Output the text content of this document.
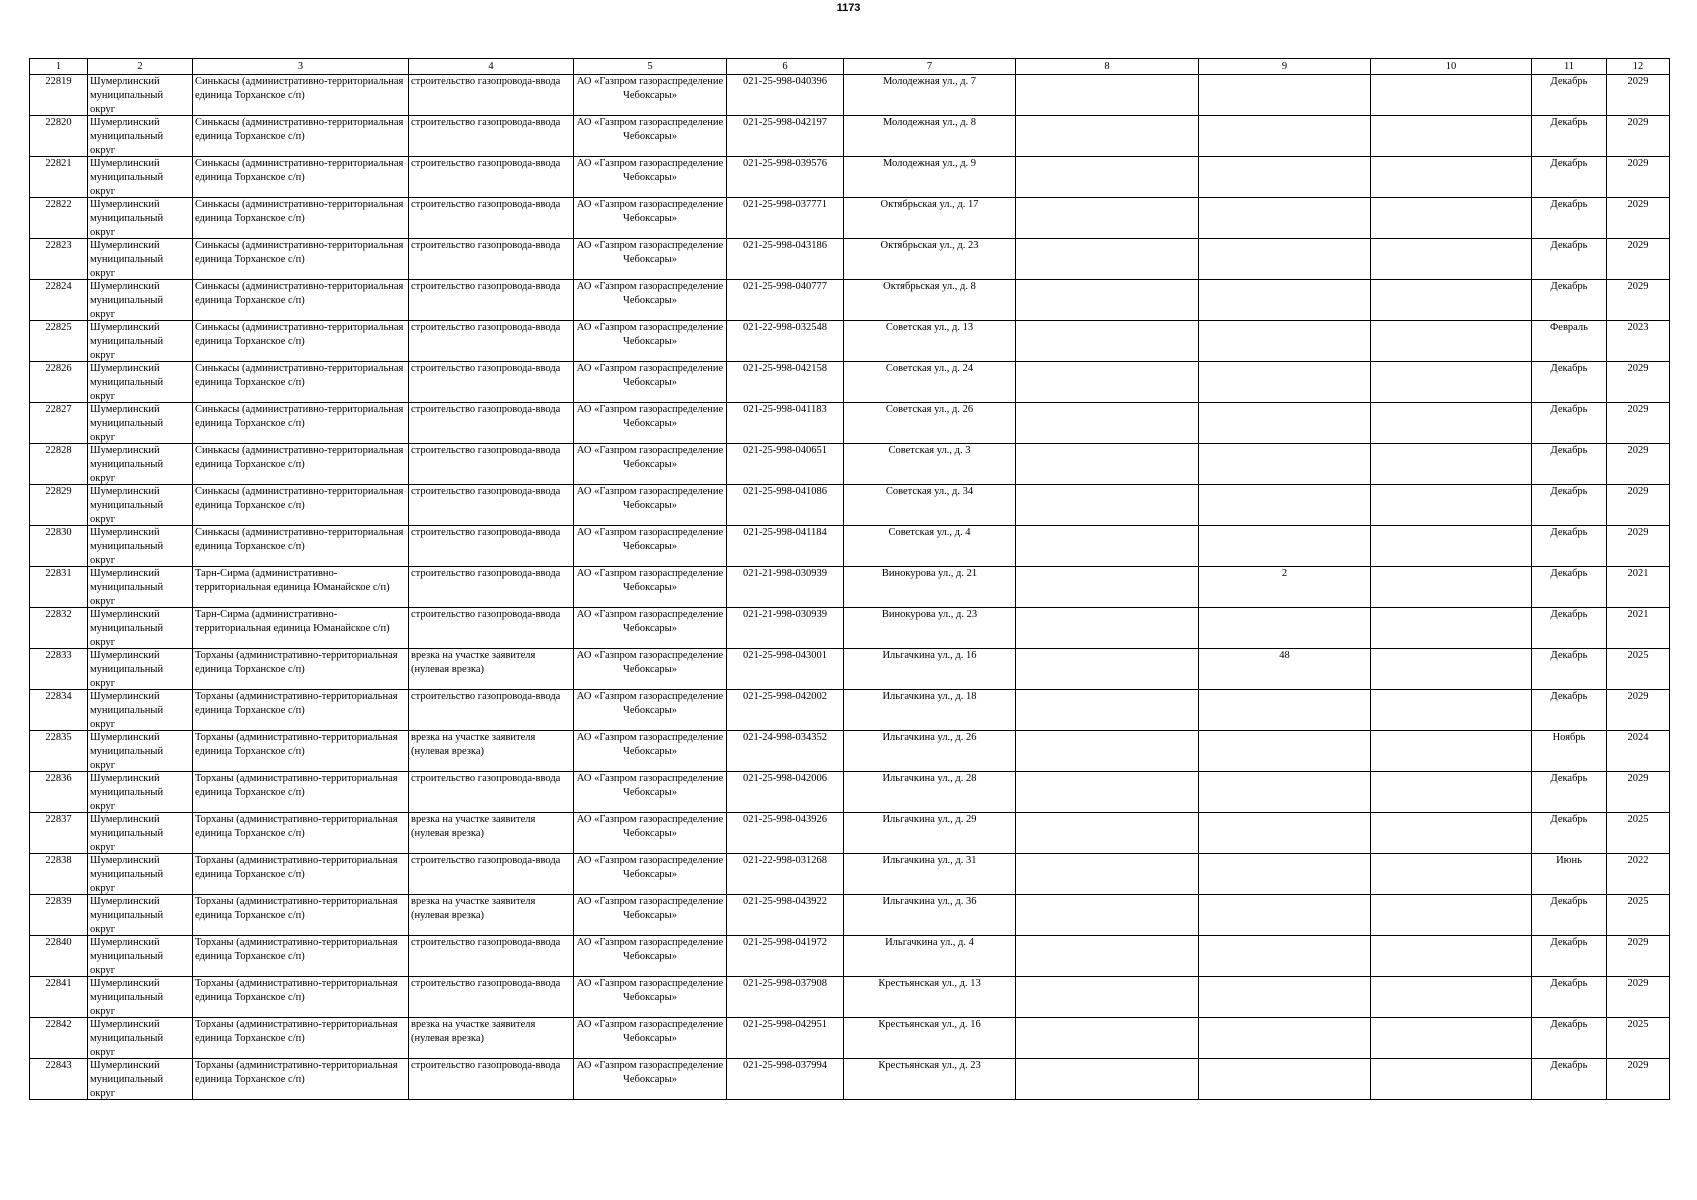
1173
1	2	3	4	5	6	7	8	9	10	11	12

22819	Шумерлинский муниципальный округ	Синькасы (административно-территориальная единица Торханское с/п)	строительство газопровода-ввода	АО «Газпром газораспределение Чебоксары»	021-25-998-040396	Молодежная ул., д. 7				Декабрь	2029

22820	Шумерлинский муниципальный округ	Синькасы (административно-территориальная единица Торханское с/п)	строительство газопровода-ввода	АО «Газпром газораспределение Чебоксары»	021-25-998-042197	Молодежная ул., д. 8				Декабрь	2029

22821	Шумерлинский муниципальный округ	Синькасы (административно-территориальная единица Торханское с/п)	строительство газопровода-ввода	АО «Газпром газораспределение Чебоксары»	021-25-998-039576	Молодежная ул., д. 9				Декабрь	2029

22822	Шумерлинский муниципальный округ	Синькасы (административно-территориальная единица Торханское с/п)	строительство газопровода-ввода	АО «Газпром газораспределение Чебоксары»	021-25-998-037771	Октябрьская ул., д. 17				Декабрь	2029

22823	Шумерлинский муниципальный округ	Синькасы (административно-территориальная единица Торханское с/п)	строительство газопровода-ввода	АО «Газпром газораспределение Чебоксары»	021-25-998-043186	Октябрьская ул., д. 23				Декабрь	2029

22824	Шумерлинский муниципальный округ	Синькасы (административно-территориальная единица Торханское с/п)	строительство газопровода-ввода	АО «Газпром газораспределение Чебоксары»	021-25-998-040777	Октябрьская ул., д. 8				Декабрь	2029

22825	Шумерлинский муниципальный округ	Синькасы (административно-территориальная единица Торханское с/п)	строительство газопровода-ввода	АО «Газпром газораспределение Чебоксары»	021-22-998-032548	Советская ул., д. 13				Февраль	2023

22826	Шумерлинский муниципальный округ	Синькасы (административно-территориальная единица Торханское с/п)	строительство газопровода-ввода	АО «Газпром газораспределение Чебоксары»	021-25-998-042158	Советская ул., д. 24				Декабрь	2029

22827	Шумерлинский муниципальный округ	Синькасы (административно-территориальная единица Торханское с/п)	строительство газопровода-ввода	АО «Газпром газораспределение Чебоксары»	021-25-998-041183	Советская ул., д. 26				Декабрь	2029

22828	Шумерлинский муниципальный округ	Синькасы (административно-территориальная единица Торханское с/п)	строительство газопровода-ввода	АО «Газпром газораспределение Чебоксары»	021-25-998-040651	Советская ул., д. 3				Декабрь	2029

22829	Шумерлинский муниципальный округ	Синькасы (административно-территориальная единица Торханское с/п)	строительство газопровода-ввода	АО «Газпром газораспределение Чебоксары»	021-25-998-041086	Советская ул., д. 34				Декабрь	2029

22830	Шумерлинский муниципальный округ	Синькасы (административно-территориальная единица Торханское с/п)	строительство газопровода-ввода	АО «Газпром газораспределение Чебоксары»	021-25-998-041184	Советская ул., д. 4				Декабрь	2029

22831	Шумерлинский муниципальный округ	Тарн-Сирма (административно-территориальная единица Юманайское с/п)	строительство газопровода-ввода	АО «Газпром газораспределение Чебоксары»	021-21-998-030939	Винокурова ул., д. 21		2		Декабрь	2021

22832	Шумерлинский муниципальный округ	Тарн-Сирма (административно-территориальная единица Юманайское с/п)	строительство газопровода-ввода	АО «Газпром газораспределение Чебоксары»	021-21-998-030939	Винокурова ул., д. 23				Декабрь	2021

22833	Шумерлинский муниципальный округ	Торханы (административно-территориальная единица Торханское с/п)	врезка на участке заявителя (нулевая врезка)	АО «Газпром газораспределение Чебоксары»	021-25-998-043001	Ильгачкина ул., д. 16		48		Декабрь	2025

22834	Шумерлинский муниципальный округ	Торханы (административно-территориальная единица Торханское с/п)	строительство газопровода-ввода	АО «Газпром газораспределение Чебоксары»	021-25-998-042002	Ильгачкина ул., д. 18				Декабрь	2029

22835	Шумерлинский муниципальный округ	Торханы (административно-территориальная единица Торханское с/п)	врезка на участке заявителя (нулевая врезка)	АО «Газпром газораспределение Чебоксары»	021-24-998-034352	Ильгачкина ул., д. 26				Ноябрь	2024

22836	Шумерлинский муниципальный округ	Торханы (административно-территориальная единица Торханское с/п)	строительство газопровода-ввода	АО «Газпром газораспределение Чебоксары»	021-25-998-042006	Ильгачкина ул., д. 28				Декабрь	2029

22837	Шумерлинский муниципальный округ	Торханы (административно-территориальная единица Торханское с/п)	врезка на участке заявителя (нулевая врезка)	АО «Газпром газораспределение Чебоксары»	021-25-998-043926	Ильгачкина ул., д. 29				Декабрь	2025

22838	Шумерлинский муниципальный округ	Торханы (административно-территориальная единица Торханское с/п)	строительство газопровода-ввода	АО «Газпром газораспределение Чебоксары»	021-22-998-031268	Ильгачкина ул., д. 31				Июнь	2022

22839	Шумерлинский муниципальный округ	Торханы (административно-территориальная единица Торханское с/п)	врезка на участке заявителя (нулевая врезка)	АО «Газпром газораспределение Чебоксары»	021-25-998-043922	Ильгачкина ул., д. 36				Декабрь	2025

22840	Шумерлинский муниципальный округ	Торханы (административно-территориальная единица Торханское с/п)	строительство газопровода-ввода	АО «Газпром газораспределение Чебоксары»	021-25-998-041972	Ильгачкина ул., д. 4				Декабрь	2029

22841	Шумерлинский муниципальный округ	Торханы (административно-территориальная единица Торханское с/п)	строительство газопровода-ввода	АО «Газпром газораспределение Чебоксары»	021-25-998-037908	Крестьянская ул., д. 13				Декабрь	2029

22842	Шумерлинский муниципальный округ	Торханы (административно-территориальная единица Торханское с/п)	врезка на участке заявителя (нулевая врезка)	АО «Газпром газораспределение Чебоксары»	021-25-998-042951	Крестьянская ул., д. 16				Декабрь	2025

22843	Шумерлинский муниципальный округ	Торханы (административно-территориальная единица Торханское с/п)	строительство газопровода-ввода	АО «Газпром газораспределение Чебоксары»	021-25-998-037994	Крестьянская ул., д. 23				Декабрь	2029
